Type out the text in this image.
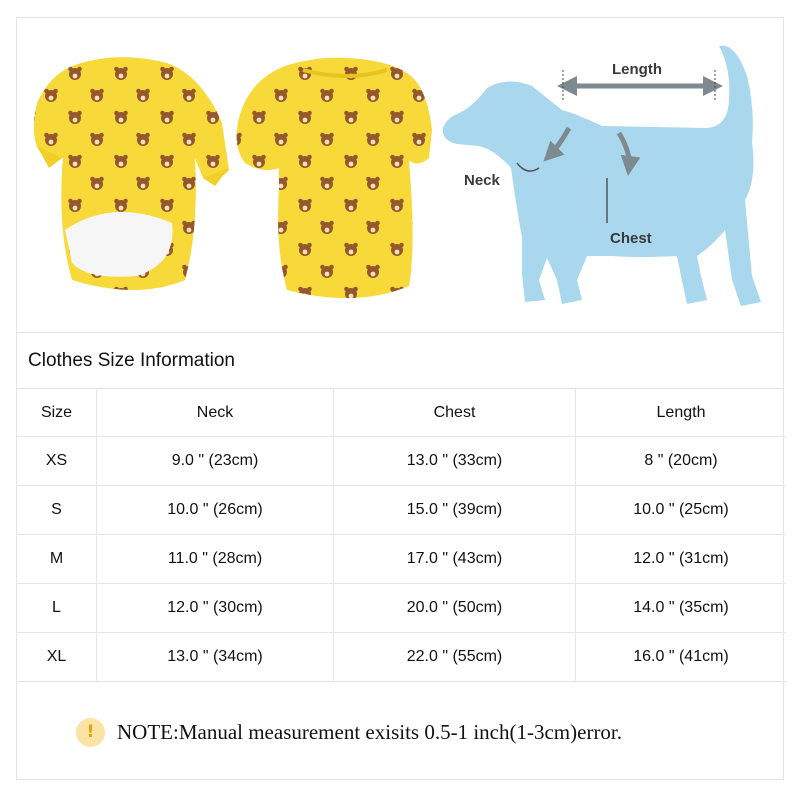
Length
Neck
Chest
Clothes Size Information
Size	Neck	Chest	Length
XS	9.0 " (23cm)	13.0 " (33cm)	8 " (20cm)
S	10.0 " (26cm)	15.0 " (39cm)	10.0 " (25cm)
M	11.0 " (28cm)	17.0 " (43cm)	12.0 " (31cm)
L	12.0 " (30cm)	20.0 " (50cm)	14.0 " (35cm)
XL	13.0 " (34cm)	22.0 " (55cm)	16.0 " (41cm)
!	NOTE:Manual measurement exisits 0.5-1 inch(1-3cm)error.
